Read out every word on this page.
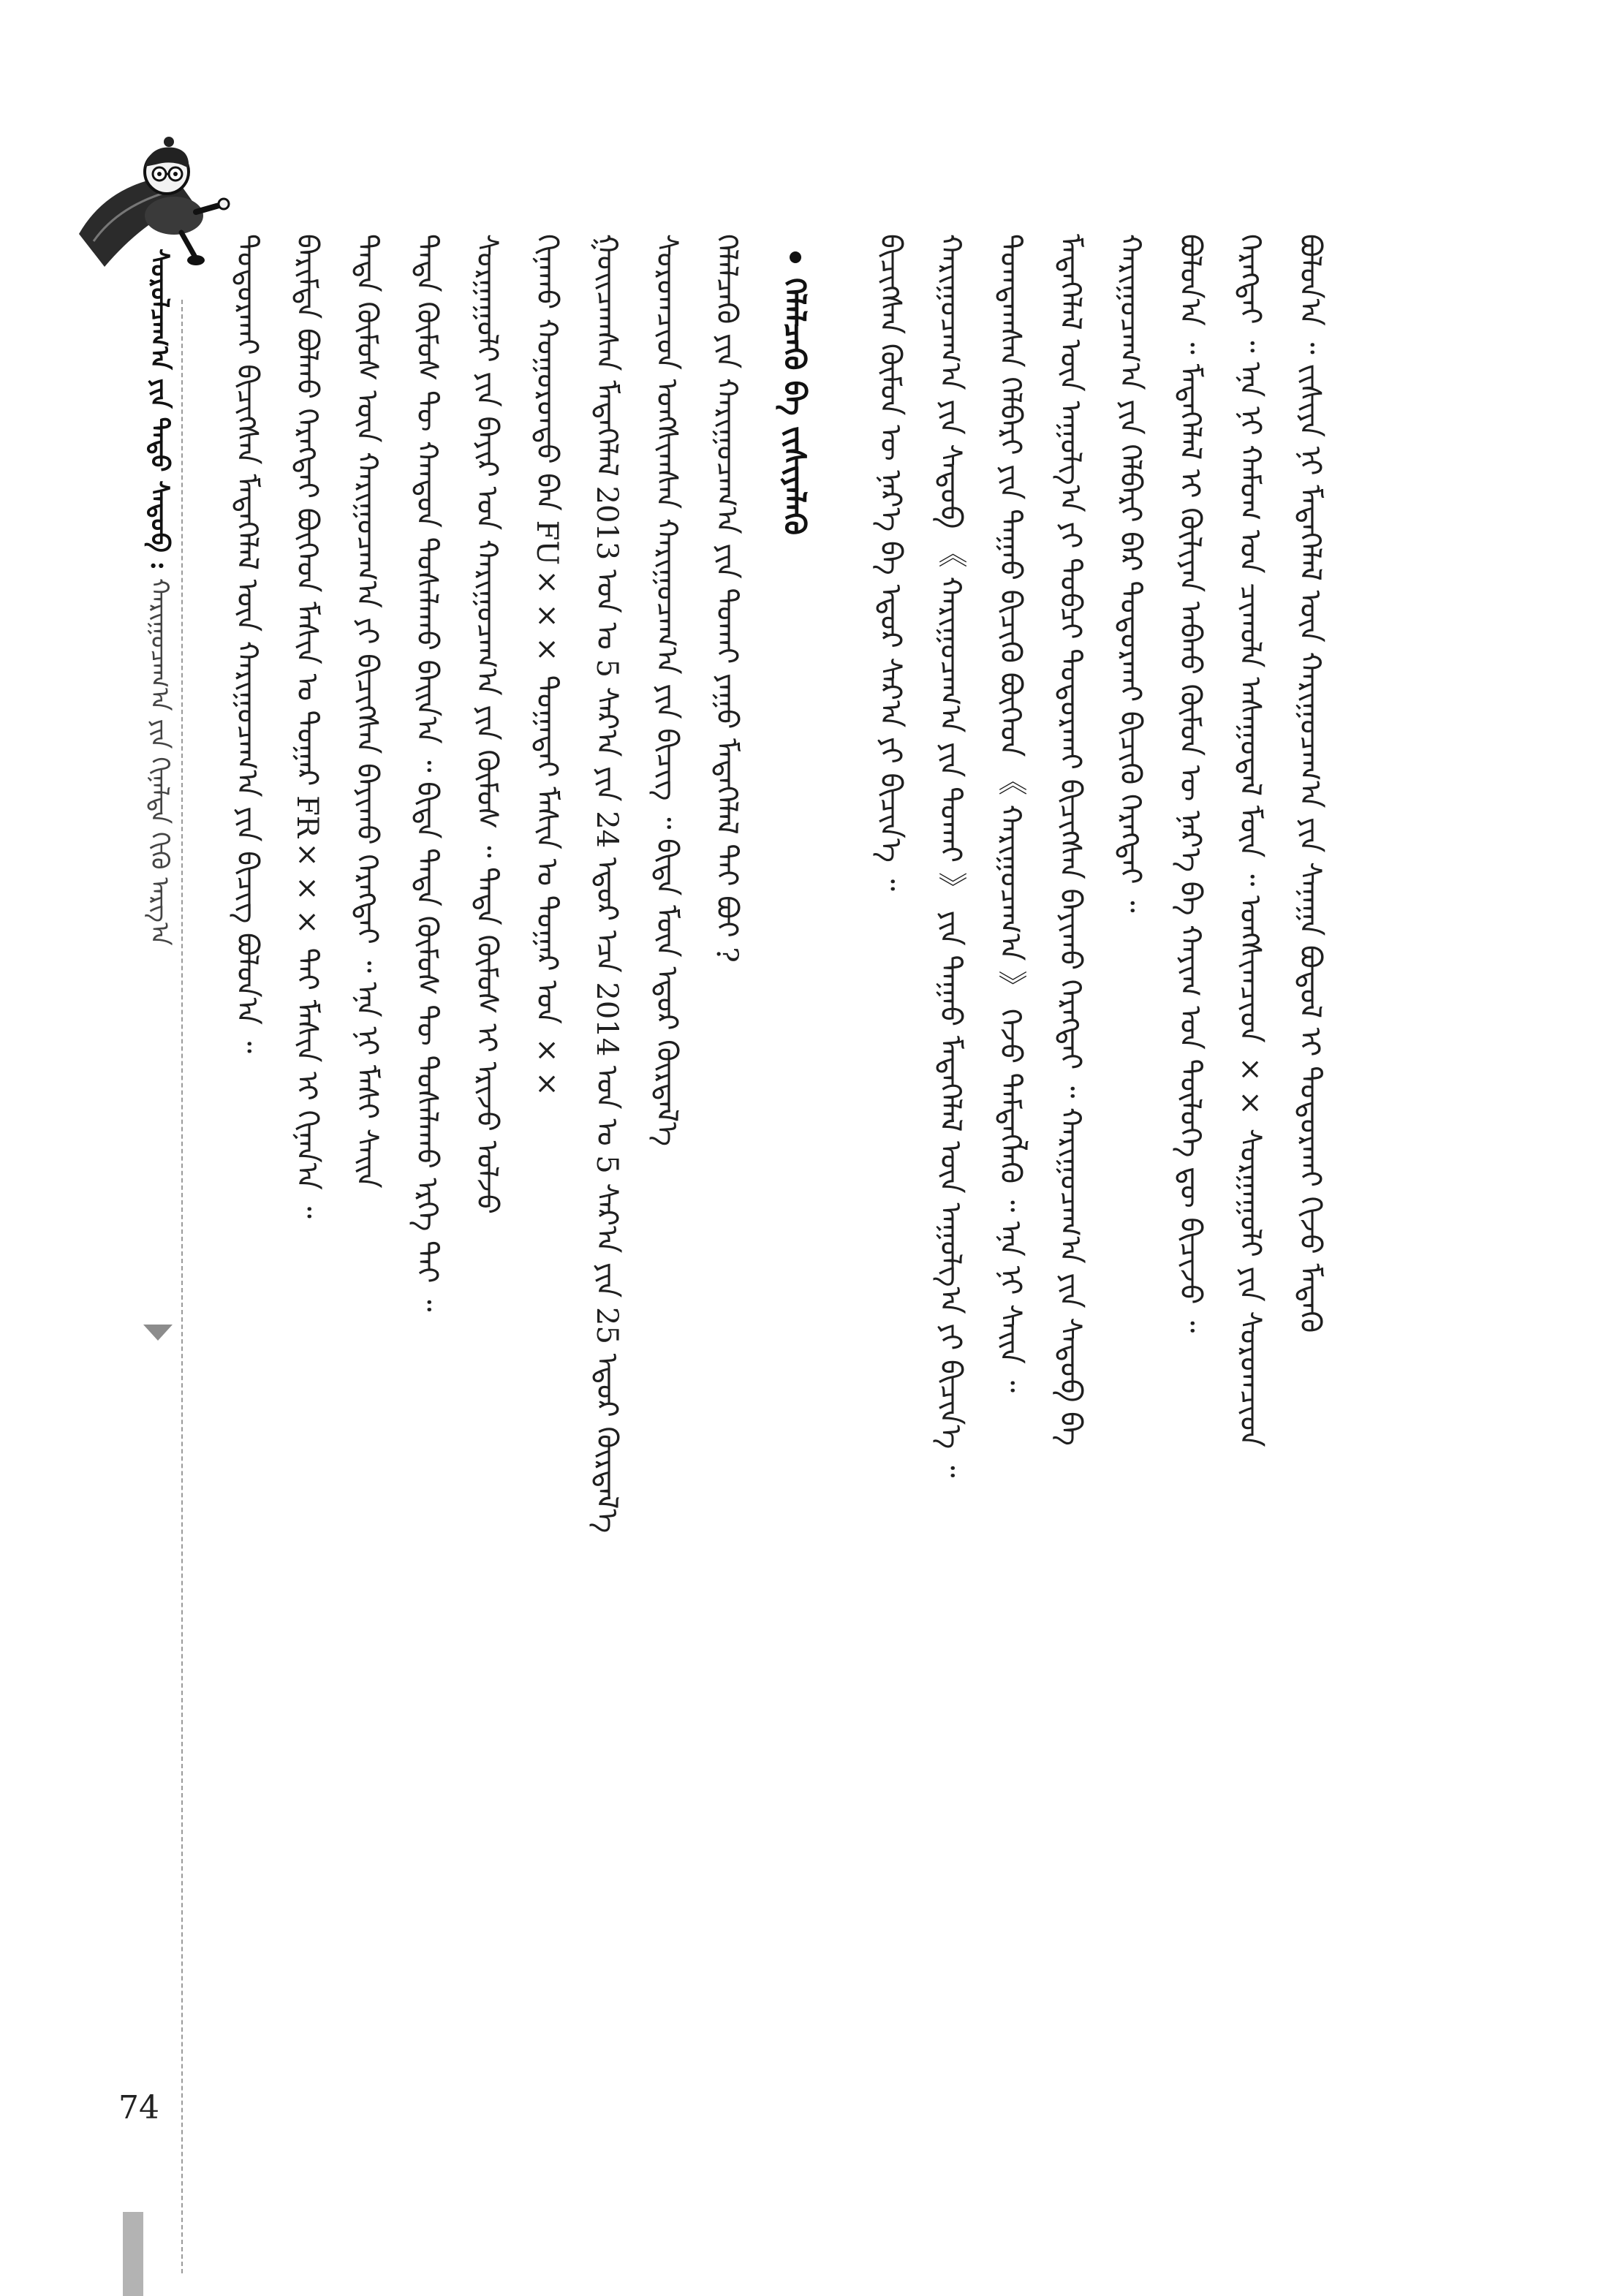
ᠰᠤᠷᠤᠯᠴᠠᠭ᠎ᠠ ᠶᠢᠨ ᠳᠡᠳᠦ ᠰᠡᠳᠦᠪ : ᠬᠠᠷᠢᠭᠤᠴᠠᠭ᠎ᠠ ᠶᠢᠨ ᠬᠢᠨᠠᠯᠲᠠ ᠬᠢᠬᠦ ᠠᠷᠭ᠎ᠠ ᠲᠣᠳᠣᠷᠬᠠᠢ ᠪᠢᠴᠢᠭᠰᠡᠨ ᠮᠡᠳᠡᠭᠡᠯᠡᠯ ᠦᠨ ᠬᠠᠷᠢᠭᠤᠴᠠᠭ᠎ᠠ ᠶᠢᠨ ᠪᠢᠴᠢᠭ᠌ ᠪᠣᠯᠣᠨ᠎ᠠ ᠃ ᠪᠠᠷᠢᠮᠲᠠ ᠪᠣᠯᠬᠤ ᠬᠡᠷᠡᠭᠲᠡᠢ ᠪᠥᠭᠡᠳ ᠮᠠᠰᠢᠨ ᠤ ᠳᠤᠭᠠᠷ FR××× ᠲᠠᠢ ᠮᠠᠰᠢᠨ ᠢ ᠬᠢᠨᠠᠨ᠎ᠠ ᠃ ᠲᠡᠳᠡ ᠬᠦᠮᠦᠰ ᠦᠨ ᠬᠠᠷᠢᠭᠤᠴᠠᠭ᠎ᠠ ᠶᠢ ᠪᠢᠴᠢᠭᠰᠡᠨ ᠪᠠᠶᠢᠬᠤ ᠬᠡᠷᠡᠭᠲᠡᠢ ᠃ ᠡᠨᠡ ᠨᠢ ᠮᠠᠰᠢ ᠰᠠᠢᠨ ᠲᠡᠳᠡ ᠬᠦᠮᠦᠰ ᠲᠦ ᠬᠠᠨᠳᠤᠨ ᠲᠤᠰᠠᠯᠠᠬᠤ ᠪᠠᠢᠨ᠎ᠠ ᠃ ᠪᠢᠳᠡ ᠲᠡᠳᠡ ᠬᠦᠮᠦᠰ ᠲᠦ ᠲᠤᠰᠠᠯᠠᠬᠤ ᠡᠷᠬᠡ ᠲᠠᠢ ᠃ ᠰᠤᠷᠭᠠᠭᠤᠯᠢ ᠶᠢᠨ ᠪᠠᠶᠢᠷ ᠤᠨ ᠬᠠᠷᠢᠭᠤᠴᠠᠭ᠎ᠠ ᠶᠢᠨ ᠬᠦᠮᠦᠰ ᠃ ᠲᠡᠳᠡ ᠬᠦᠮᠦᠰ ᠢ ᠡᠷᠢᠵᠦ ᠣᠯᠵᠤ ᠬᠢᠨᠠᠬᠤ ᠬᠣᠭᠣᠷᠣᠨᠳᠣ ᠪᠠᠨ FU××× ᠲᠣᠭᠠᠲᠠᠢ ᠮᠠᠰᠢᠨ ᠤ ᠳᠤᠭᠠᠷ ᠤᠨ ×× ᠭᠤᠢᠴᠠᠭᠰᠠᠨ ᠮᠡᠳᠡᠭᠡᠯᠡᠯ 2013 ᠣᠨ ᠤ 5 ᠰᠠᠷ᠎ᠠ ᠶᠢᠨ 24 ᠡᠳᠦᠷ ᠡᠴᠡ 2014 ᠣᠨ ᠤ 5 ᠰᠠᠷ᠎ᠠ ᠶᠢᠨ 25 ᠡᠳᠦᠷ ᠬᠦᠷᠲᠡᠯ᠎ᠡ ᠰᠤᠷᠤᠭᠴᠢᠳ ᠤᠩᠰᠢᠭᠰᠠᠨ ᠬᠠᠷᠢᠭᠤᠴᠠᠭ᠎ᠠ ᠶᠢᠨ ᠪᠢᠴᠢᠭ᠌ ᠃ ᠪᠢᠳᠡ ᠮᠥᠨ ᠡᠳᠦᠷ ᠬᠦᠷᠲᠡᠯ᠎ᠡ ᠬᠡᠯᠡᠯᠴᠡᠬᠦ ᠶᠢᠨ ᠬᠠᠷᠢᠭᠤᠴᠠᠭ᠎ᠠ ᠶᠢᠨ ᠲᠤᠬᠠᠢ ᠶᠠᠭᠤ ᠮᠡᠳᠡᠭᠡᠯᠡᠯ ᠲᠠᠢ ᠪᠣᠢ ? ᠬᠡᠯᠡᠯᠴᠡᠬᠦ ᠪᠠ ᠵᠢᠱᠢᠶᠡᠯᠡᠬᠦ ᠪᠢᠴᠢᠭᠰᠡᠨ ᠬᠦᠮᠦᠨ ᠦ ᠨᠡᠷ᠎ᠡ ᠪᠠ ᠡᠳᠦᠷ ᠰᠠᠷ᠎ᠠ ᠶᠢ ᠪᠢᠴᠢᠨ᠎ᠡ ᠃ ᠬᠠᠷᠢᠭᠤᠴᠠᠭ᠎ᠠ ᠶᠢᠨ ᠰᠡᠳᠦᠪ 《 ᠬᠠᠷᠢᠭᠤᠴᠠᠭ᠎ᠠ ᠶᠢᠨ ᠲᠤᠬᠠᠢ 》 ᠶᠢᠨ ᠳᠠᠭᠠᠤ ᠮᠡᠳᠡᠭᠡᠯᠡᠯ ᠦᠨ ᠠᠭᠤᠯᠭ᠎ᠠ ᠶᠢ ᠪᠢᠴᠢᠨ᠎ᠡ ᠃ ᠲᠣᠭᠲᠠᠭᠰᠠᠨ ᠬᠡᠯᠪᠡᠷᠢ ᠶᠢᠨ ᠳᠠᠭᠠᠤ ᠪᠢᠴᠢᠬᠦ ᠪᠥᠭᠡᠳ 《 ᠬᠠᠷᠢᠭᠤᠴᠠᠭ᠎ᠠ 》 ᠭᠡᠵᠦ ᠲᠡᠮᠳᠡᠭᠯᠡᠬᠦ ᠃ ᠡᠨᠡ ᠨᠢ ᠰᠠᠢᠨ ᠃ ᠮᠡᠳᠡᠭᠡᠯᠡᠯ ᠦᠨ ᠠᠭᠤᠯᠭ᠎ᠠ ᠶᠢ ᠲᠣᠪᠴᠢ ᠲᠣᠳᠣᠷᠬᠠᠢ ᠪᠢᠴᠢᠭᠰᠡᠨ ᠪᠠᠶᠢᠬᠤ ᠬᠡᠷᠡᠭᠲᠡᠢ ᠃ ᠬᠠᠷᠢᠭᠤᠴᠠᠭ᠎ᠠ ᠶᠢᠨ ᠰᠡᠳᠦᠪ ᠪᠠ ᠬᠠᠷᠢᠭᠤᠴᠠᠭ᠎ᠠ ᠶᠢᠨ ᠬᠡᠯᠪᠡᠷᠢ ᠪᠡᠷ ᠲᠣᠳᠣᠷᠬᠠᠢ ᠪᠢᠴᠢᠬᠦ ᠬᠡᠷᠡᠭᠲᠡᠢ ᠃ ᠪᠣᠯᠣᠨ᠎ᠠ ᠃ ᠮᠡᠳᠡᠭᠡᠯᠡᠯ ᠢ ᠬᠦᠯᠢᠶᠡᠨ ᠠᠪᠬᠤ ᠬᠦᠮᠦᠨ ᠦ ᠨᠡᠷ᠎ᠡ ᠪᠠ ᠬᠠᠶᠢᠭ ᠤᠨ ᠲᠥᠯᠥᠭᠡ ᠳᠦ ᠪᠢᠴᠢᠵᠦ ᠃ ᠬᠡᠷᠡᠭᠲᠡᠢ ᠃ ᠡᠨᠡ ᠨᠢ ᠬᠠᠮᠤᠭ ᠤᠨ ᠴᠢᠬᠤᠯᠠ ᠠᠰᠠᠭᠤᠳᠠᠯ ᠮᠥᠨ ᠃ ᠤᠩᠰᠢᠭᠴᠢᠳ ×× ᠰᠤᠷᠭᠠᠭᠤᠯᠢ ᠶᠢᠨ ᠰᠤᠷᠤᠭᠴᠢᠳ ᠪᠣᠯᠣᠨ᠎ᠠ ᠃ ᠵᠢᠰᠢᠶᠡ ᠨᠢ ᠮᠡᠳᠡᠭᠡᠯᠡᠯ ᠦᠨ ᠬᠠᠷᠢᠭᠤᠴᠠᠭ᠎ᠠ ᠶᠢᠨ ᠰᠠᠨᠠᠭᠠ ᠪᠣᠳᠣᠯ ᠢ ᠲᠣᠳᠣᠷᠬᠠᠢ ᠬᠢᠵᠦ ᠮᠡᠳᠡᠬᠦ
74
